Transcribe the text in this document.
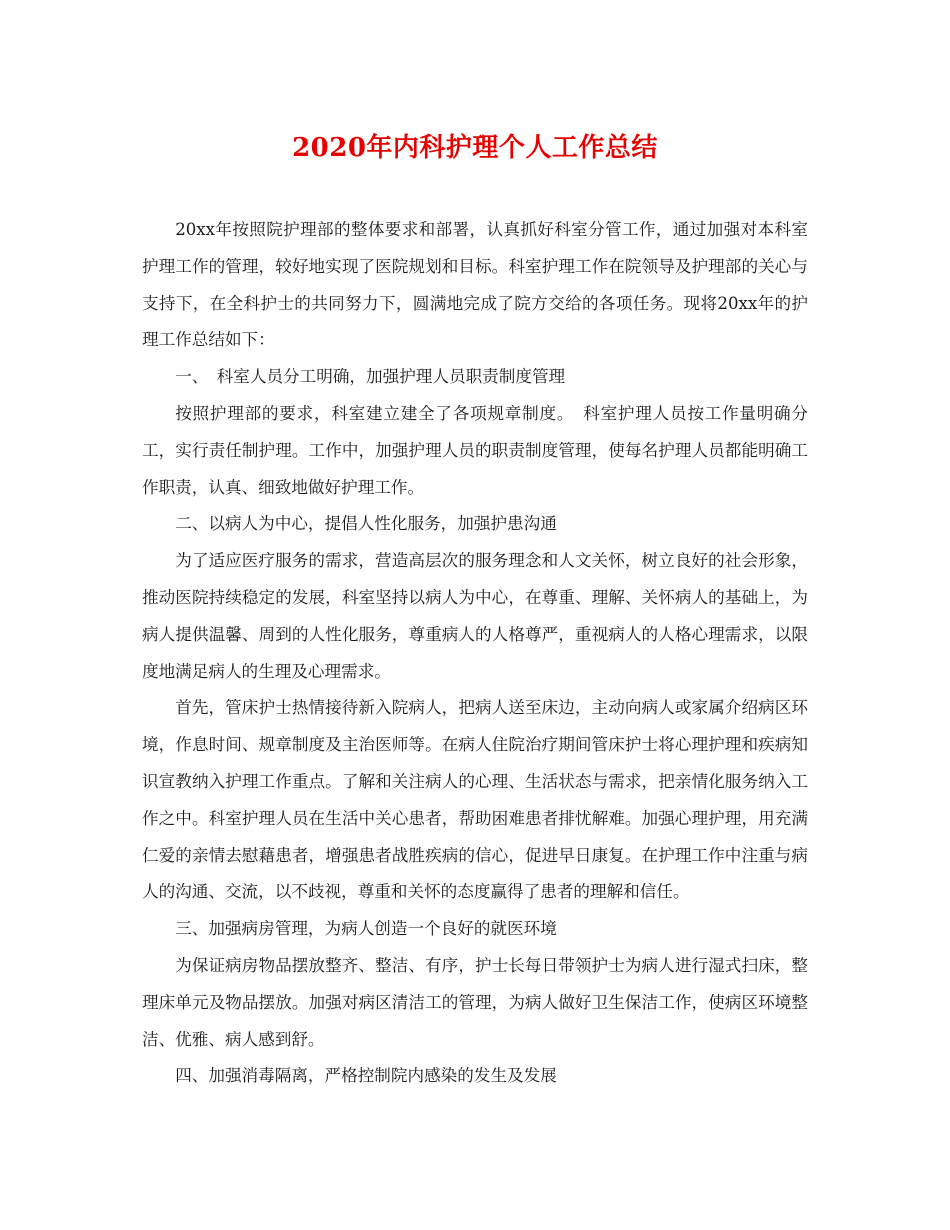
2020年内科护理个人工作总结

20xx年按照院护理部的整体要求和部署，认真抓好科室分管工作，通过加强对本科室护理工作的管理，较好地实现了医院规划和目标。科室护理工作在院领导及护理部的关心与支持下，在全科护士的共同努力下，圆满地完成了院方交给的各项任务。现将20xx年的护理工作总结如下：

一、　科室人员分工明确，加强护理人员职责制度管理

按照护理部的要求，科室建立建全了各项规章制度。　科室护理人员按工作量明确分工，实行责任制护理。工作中，加强护理人员的职责制度管理，使每名护理人员都能明确工作职责，认真、细致地做好护理工作。

二、以病人为中心，提倡人性化服务，加强护患沟通

为了适应医疗服务的需求，营造高层次的服务理念和人文关怀，树立良好的社会形象，推动医院持续稳定的发展，科室坚持以病人为中心，在尊重、理解、关怀病人的基础上，为病人提供温馨、周到的人性化服务，尊重病人的人格尊严，重视病人的人格心理需求，以限度地满足病人的生理及心理需求。

首先，管床护士热情接待新入院病人，把病人送至床边，主动向病人或家属介绍病区环境，作息时间、规章制度及主治医师等。在病人住院治疗期间管床护士将心理护理和疾病知识宣教纳入护理工作重点。了解和关注病人的心理、生活状态与需求，把亲情化服务纳入工作之中。科室护理人员在生活中关心患者，帮助困难患者排忧解难。加强心理护理，用充满仁爱的亲情去慰藉患者，增强患者战胜疾病的信心，促进早日康复。在护理工作中注重与病人的沟通、交流，以不歧视，尊重和关怀的态度赢得了患者的理解和信任。

三、加强病房管理，为病人创造一个良好的就医环境

为保证病房物品摆放整齐、整洁、有序，护士长每日带领护士为病人进行湿式扫床，整理床单元及物品摆放。加强对病区清洁工的管理，为病人做好卫生保洁工作，使病区环境整洁、优雅、病人感到舒。

四、加强消毒隔离，严格控制院内感染的发生及发展
